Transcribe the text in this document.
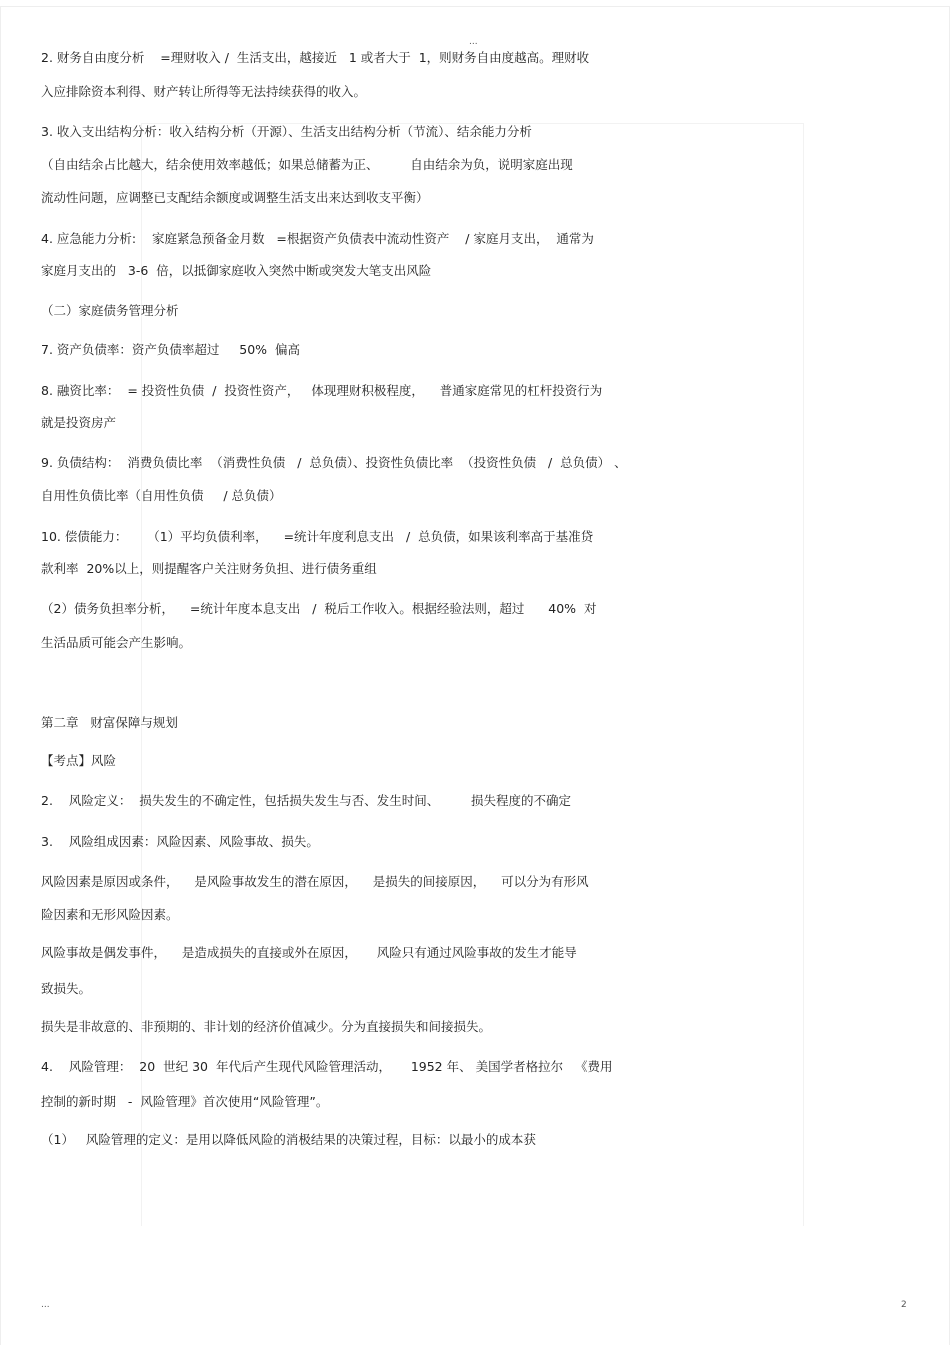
...

2. 财务自由度分析    =理财收入 /  生活支出，越接近   1 或者大于  1，则财务自由度越高。理财收

入应排除资本利得、财产转让所得等无法持续获得的收入。

3. 收入支出结构分析：收入结构分析（开源）、生活支出结构分析（节流）、结余能力分析

（自由结余占比越大，结余使用效率越低；如果总储蓄为正、        自由结余为负，说明家庭出现

流动性问题，应调整已支配结余额度或调整生活支出来达到收支平衡）

4. 应急能力分析:    家庭紧急预备金月数   =根据资产负债表中流动性资产    / 家庭月支出，  通常为

家庭月支出的   3-6  倍，以抵御家庭收入突然中断或突发大笔支出风险

（二）家庭债务管理分析

7. 资产负债率：资产负债率超过     50%  偏高

8. 融资比率：  = 投资性负债  /  投资性资产，   体现理财积极程度，    普通家庭常见的杠杆投资行为

就是投资房产

9. 负债结构：  消费负债比率  （消费性负债   /  总负债）、投资性负债比率  （投资性负债   /  总负债） 、

自用性负债比率（自用性负债     / 总负债）

10. 偿债能力：     （1）平均负债利率，    =统计年度利息支出   /  总负债，如果该利率高于基准贷

款利率  20%以上，则提醒客户关注财务负担、进行债务重组

（2）债务负担率分析，    =统计年度本息支出   /  税后工作收入。根据经验法则，超过      40%  对

生活品质可能会产生影响。

第二章   财富保障与规划

【考点】风险

2.    风险定义：  损失发生的不确定性，包括损失发生与否、发生时间、        损失程度的不确定

3.    风险组成因素：风险因素、风险事故、损失。

风险因素是原因或条件，    是风险事故发生的潜在原因，    是损失的间接原因，    可以分为有形风

险因素和无形风险因素。

风险事故是偶发事件，    是造成损失的直接或外在原因，     风险只有通过风险事故的发生才能导

致损失。

损失是非故意的、非预期的、非计划的经济价值减少。分为直接损失和间接损失。

4.    风险管理：  20  世纪 30  年代后产生现代风险管理活动，     1952 年、 美国学者格拉尔   《费用

控制的新时期   -  风险管理》首次使用“风险管理”。

（1）   风险管理的定义：是用以降低风险的消极结果的决策过程，目标：以最小的成本获

...	2
